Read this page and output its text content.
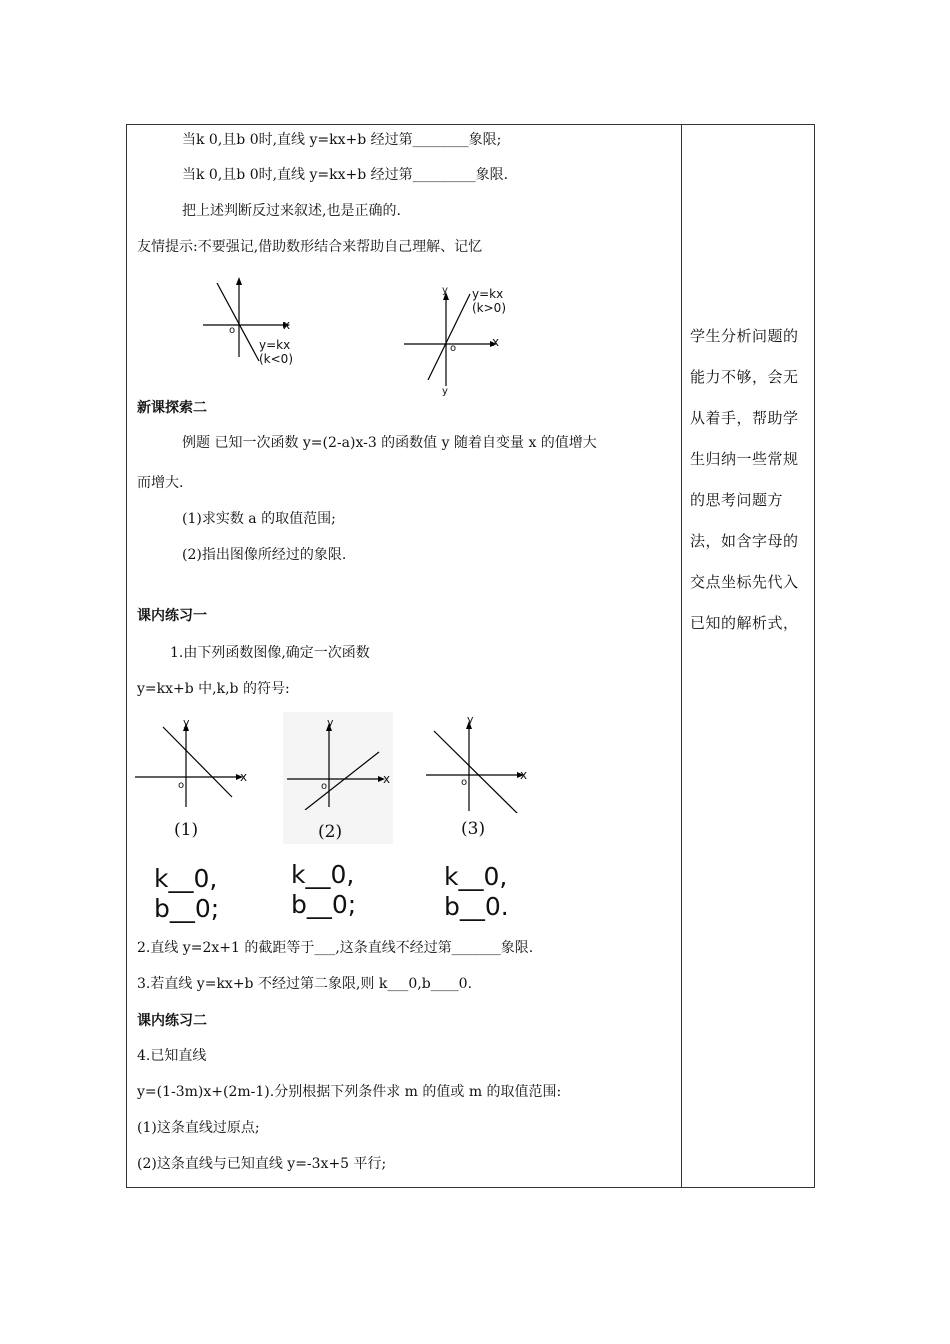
当k 0,且b 0时,直线 y=kx+b 经过第________象限;
当k 0,且b 0时,直线 y=kx+b 经过第_________象限.
把上述判断反过来叙述,也是正确的.
友情提示:不要强记,借助数形结合来帮助自己理解、记忆
x
o
y=kx
(k<0)
y y=kx
(k>0)
x
o
y
新课探索二
例题 已知一次函数 y=(2-a)x-3 的函数值 y 随着自变量 x 的值增大
而增大.
(1)求实数 a 的取值范围;
(2)指出图像所经过的象限.
课内练习一
1.由下列函数图像,确定一次函数
y=kx+b 中,k,b 的符号:
y
x
o
(1)
y
x
o
(2)
y
x
o
(3)
k__0,
b__0;
k__0,
b__0;
k__0,
b__0.
2.直线 y=2x+1 的截距等于___,这条直线不经过第_______象限.
3.若直线 y=kx+b 不经过第二象限,则 k___0,b____0.
课内练习二
4.已知直线
y=(1-3m)x+(2m-1).分别根据下列条件求 m 的值或 m 的取值范围:
(1)这条直线过原点;
(2)这条直线与已知直线 y=-3x+5 平行;
学生分析问题的
能力不够，会无
从着手，帮助学
生归纳一些常规
的思考问题方
法，如含字母的
交点坐标先代入
已知的解析式，
